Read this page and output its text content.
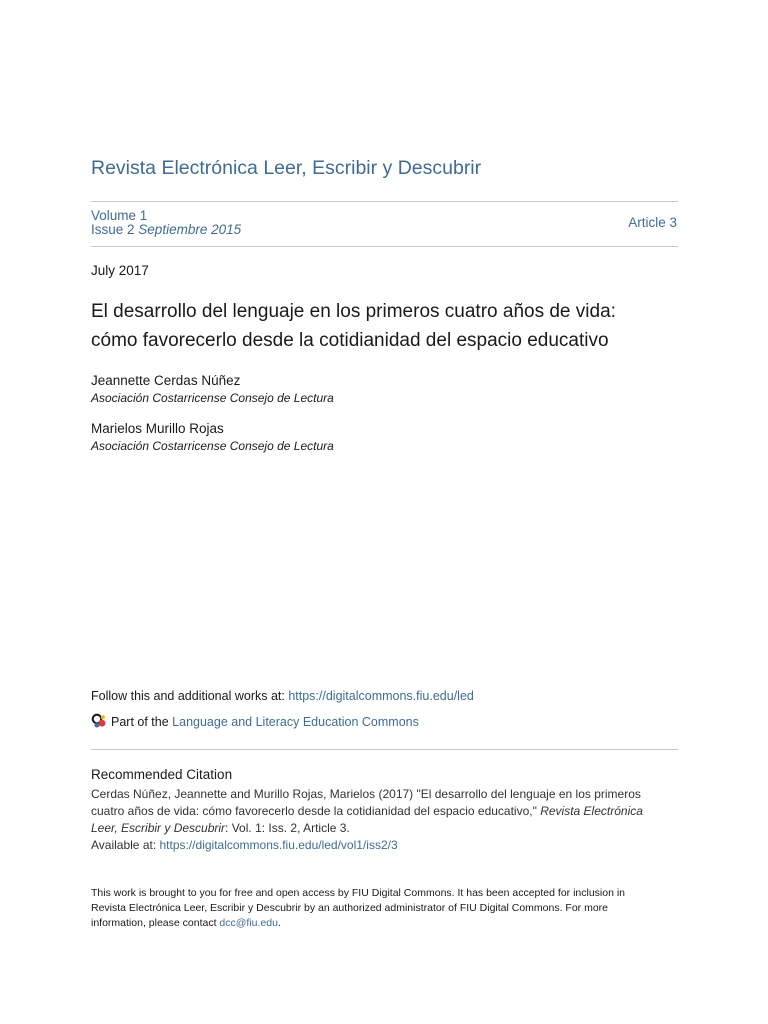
Revista Electrónica Leer, Escribir y Descubrir
Volume 1
Issue 2 Septiembre 2015	Article 3
July 2017
El desarrollo del lenguaje en los primeros cuatro años de vida:
cómo favorecerlo desde la cotidianidad del espacio educativo
Jeannette Cerdas Núñez
Asociación Costarricense Consejo de Lectura
Marielos Murillo Rojas
Asociación Costarricense Consejo de Lectura
Follow this and additional works at: https://digitalcommons.fiu.edu/led
Part of the
Language and Literacy Education Commons
Recommended Citation
Cerdas Núñez, Jeannette and Murillo Rojas, Marielos (2017) "El desarrollo del lenguaje en los primeros
cuatro años de vida: cómo favorecerlo desde la cotidianidad del espacio educativo," Revista Electrónica
Leer, Escribir y Descubrir: Vol. 1: Iss. 2, Article 3.
Available at: https://digitalcommons.fiu.edu/led/vol1/iss2/3
This work is brought to you for free and open access by FIU Digital Commons. It has been accepted for inclusion in
Revista Electrónica Leer, Escribir y Descubrir by an authorized administrator of FIU Digital Commons. For more
information, please contact dcc@fiu.edu.
